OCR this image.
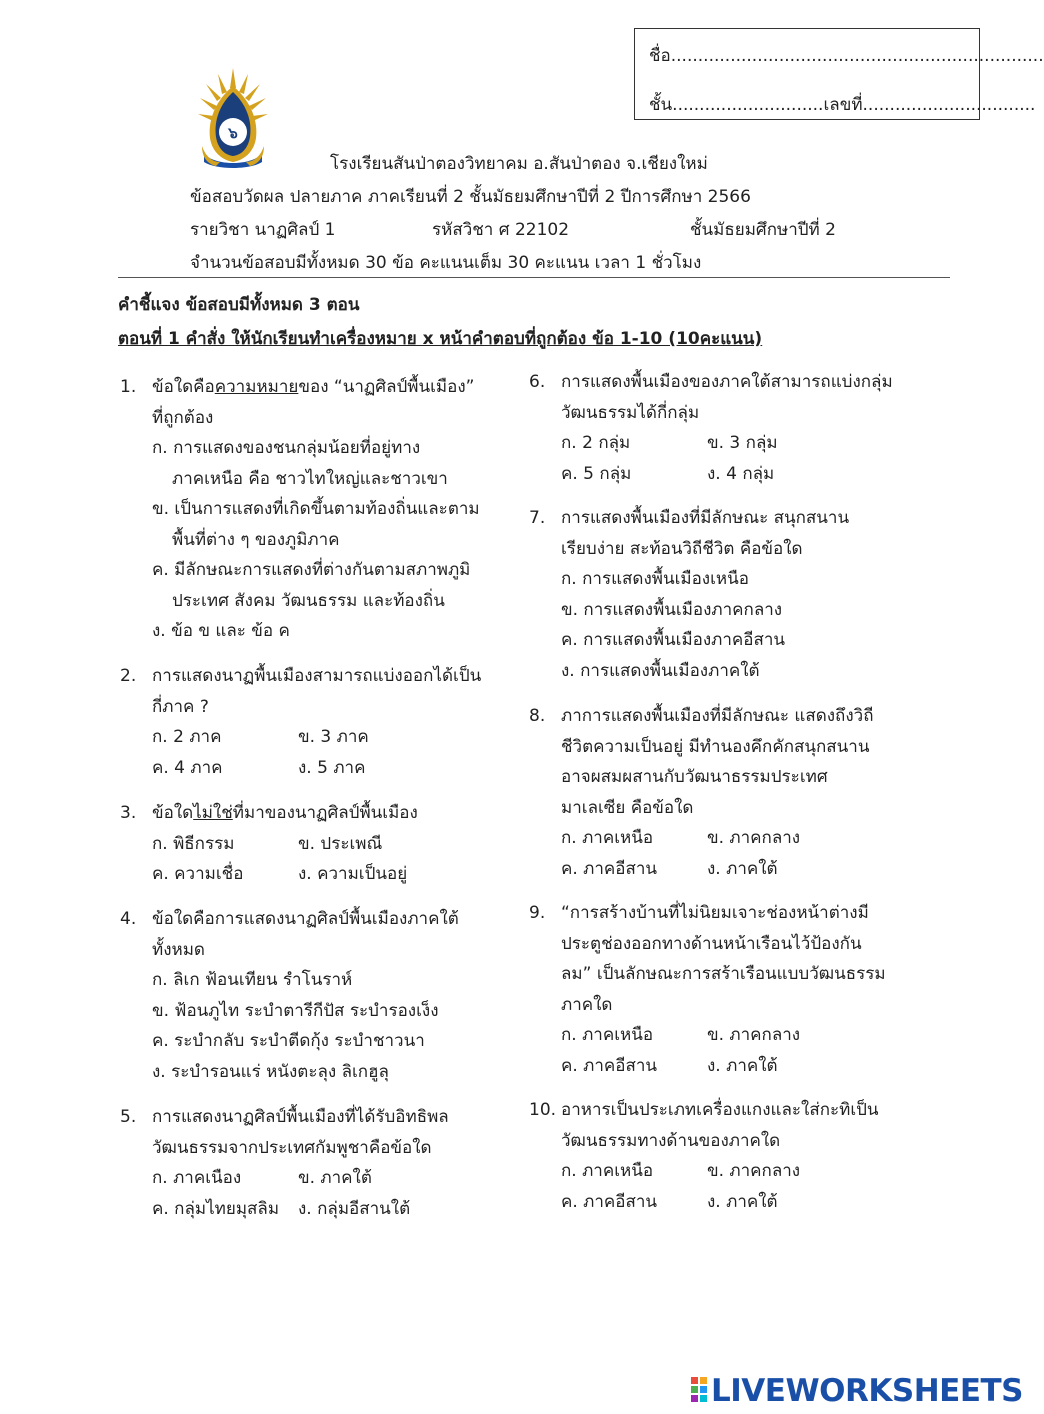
ชื่อ.....................................................................
ชั้น............................เลขที่................................
๖
โรงเรียนสันป่าตองวิทยาคม อ.สันป่าตอง จ.เชียงใหม่
ข้อสอบวัดผล ปลายภาค ภาคเรียนที่ 2 ชั้นมัธยมศึกษาปีที่ 2 ปีการศึกษา 2566
รายวิชา นาฏศิลป์ 1	รหัสวิชา ศ 22102	ชั้นมัธยมศึกษาปีที่ 2
จำนวนข้อสอบมีทั้งหมด 30 ข้อ คะแนนเต็ม 30 คะแนน เวลา 1 ชั่วโมง
คำชี้แจง ข้อสอบมีทั้งหมด 3 ตอน
ตอนที่ 1 คำสั่ง ให้นักเรียนทำเครื่องหมาย x หน้าคำตอบที่ถูกต้อง ข้อ 1-10 (10คะแนน)
1. ข้อใดคือความหมายของ “นาฏศิลป์พื้นเมือง”
ที่ถูกต้อง
ก. การแสดงของชนกลุ่มน้อยที่อยู่ทาง
ภาคเหนือ คือ ชาวไทใหญ่และชาวเขา
ข. เป็นการแสดงที่เกิดขึ้นตามท้องถิ่นและตาม
พื้นที่ต่าง ๆ ของภูมิภาค
ค. มีลักษณะการแสดงที่ต่างกันตามสภาพภูมิ
ประเทศ สังคม วัฒนธรรม และท้องถิ่น
ง. ข้อ ข และ ข้อ ค
2. การแสดงนาฏพื้นเมืองสามารถแบ่งออกได้เป็น
กี่ภาค ?
ก. 2 ภาค	ข. 3 ภาค
ค. 4 ภาค	ง. 5 ภาค
3. ข้อใดไม่ใช่ที่มาของนาฏศิลป์พื้นเมือง
ก. พิธีกรรม	ข. ประเพณี
ค. ความเชื่อ	ง. ความเป็นอยู่
4. ข้อใดคือการแสดงนาฏศิลป์พื้นเมืองภาคใต้
ทั้งหมด
ก. ลิเก ฟ้อนเทียน รำโนราห์
ข. ฟ้อนภูไท ระบำตารีกีปัส ระบำรองเง็ง
ค. ระบำกลับ ระบำตีดกุ้ง ระบำชาวนา
ง. ระบำรอนแร่ หนังตะลุง ลิเกฮูลุ
5. การแสดงนาฏศิลป์พื้นเมืองที่ได้รับอิทธิพล
วัฒนธรรมจากประเทศกัมพูชาคือข้อใด
ก. ภาคเนือง	ข. ภาคใต้
ค. กลุ่มไทยมุสลิม ง. กลุ่มอีสานใต้
6. การแสดงพื้นเมืองของภาคใต้สามารถแบ่งกลุ่ม
วัฒนธรรมได้กี่กลุ่ม
ก. 2 กลุ่ม	ข. 3 กลุ่ม
ค. 5 กลุ่ม	ง. 4 กลุ่ม
7. การแสดงพื้นเมืองที่มีลักษณะ สนุกสนาน
เรียบง่าย สะท้อนวิถีชีวิต คือข้อใด
ก. การแสดงพื้นเมืองเหนือ
ข. การแสดงพื้นเมืองภาคกลาง
ค. การแสดงพื้นเมืองภาคอีสาน
ง. การแสดงพื้นเมืองภาคใต้
8. ภาการแสดงพื้นเมืองที่มีลักษณะ แสดงถึงวิถี
ชีวิตความเป็นอยู่ มีทำนองคึกคักสนุกสนาน
อาจผสมผสานกับวัฒนาธรรมประเทศ
มาเลเซีย คือข้อใด
ก. ภาคเหนือ	ข. ภาคกลาง
ค. ภาคอีสาน	ง. ภาคใต้
9. “การสร้างบ้านที่ไม่นิยมเจาะช่องหน้าต่างมี
ประตูช่องออกทางด้านหน้าเรือนไว้ป้องกัน
ลม” เป็นลักษณะการสร้าเรือนแบบวัฒนธรรม
ภาคใด
ก. ภาคเหนือ	ข. ภาคกลาง
ค. ภาคอีสาน	ง. ภาคใต้
10. อาหารเป็นประเภทเครื่องแกงและใส่กะทิเป็น
วัฒนธรรมทางด้านของภาคใด
ก. ภาคเหนือ	ข. ภาคกลาง
ค. ภาคอีสาน	ง. ภาคใต้
LIVEWORKSHEETS
